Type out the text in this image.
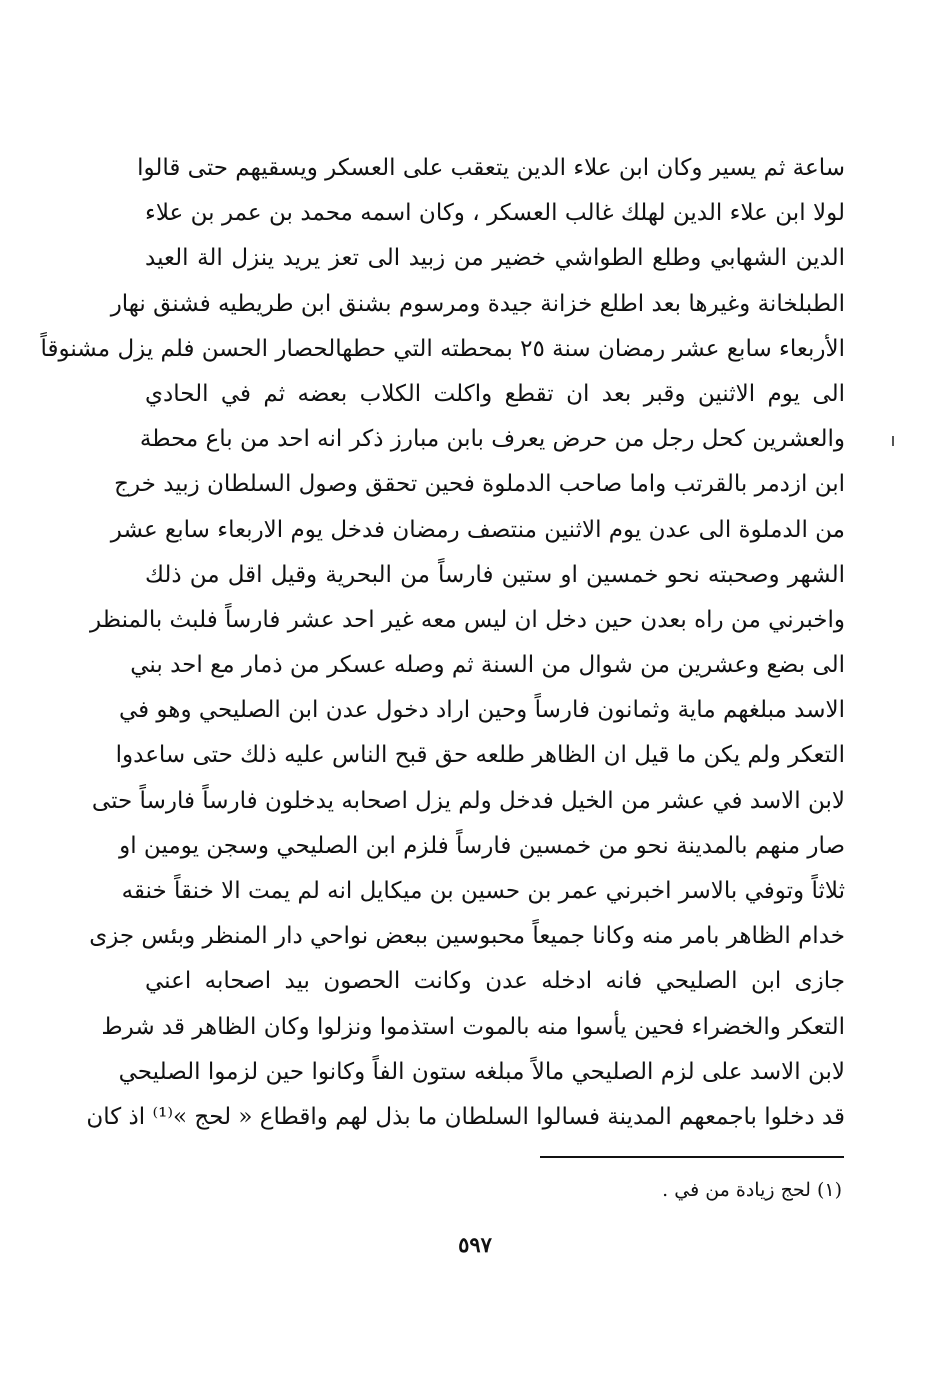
ساعة ثم يسير وكان ابن علاء الدين يتعقب على العسكر ويسقيهم حتى قالوا
لولا ابن علاء الدين لهلك غالب العسكر ، وكان اسمه محمد بن عمر بن علاء
الدين الشهابي وطلع الطواشي خضير من زبيد الى تعز يريد ينزل الة العيد
الطبلخانة وغيرها بعد اطلع خزانة جيدة ومرسوم بشنق ابن طريطيه فشنق نهار
الأربعاء سابع عشر رمضان سنة ٢٥ بمحطته التي حطهالحصار الحسن فلم يزل مشنوقاً
الى يوم الاثنين وقبر بعد ان تقطع واكلت الكلاب بعضه ثم في الحادي
والعشرين كحل رجل من حرض يعرف بابن مبارز ذكر انه احد من باع محطة
ابن ازدمر بالقرتب واما صاحب الدملوة فحين تحقق وصول السلطان زبيد خرج
من الدملوة الى عدن يوم الاثنين منتصف رمضان فدخل يوم الاربعاء سابع عشر
الشهر وصحبته نحو خمسين او ستين فارساً من البحرية وقيل اقل من ذلك
واخبرني من راه بعدن حين دخل ان ليس معه غير احد عشر فارساً فلبث بالمنظر
الى بضع وعشرين من شوال من السنة ثم وصله عسكر من ذمار مع احد بني
الاسد مبلغهم ماية وثمانون فارساً وحين اراد دخول عدن ابن الصليحي وهو في
التعكر ولم يكن ما قيل ان الظاهر طلعه حق قبح الناس عليه ذلك حتى ساعدوا
لابن الاسد في عشر من الخيل فدخل ولم يزل اصحابه يدخلون فارساً فارساً حتى
صار منهم بالمدينة نحو من خمسين فارساً فلزم ابن الصليحي وسجن يومين او
ثلاثاً وتوفي بالاسر اخبرني عمر بن حسين بن ميكايل انه لم يمت الا خنقاً خنقه
خدام الظاهر بامر منه وكانا جميعاً محبوسين ببعض نواحي دار المنظر وبئس جزى
جازى ابن الصليحي فانه ادخله عدن وكانت الحصون بيد اصحابه اعني
التعكر والخضراء فحين يأسوا منه بالموت استذموا ونزلوا وكان الظاهر قد شرط
لابن الاسد على لزم الصليحي مالاً مبلغه ستون الفاً وكانوا حين لزموا الصليحي
قد دخلوا باجمعهم المدينة فسالوا السلطان ما بذل لهم واقطاع « لحج »⁽¹⁾ اذ كان
(١) لحج زيادة من في .
٥٩٧
